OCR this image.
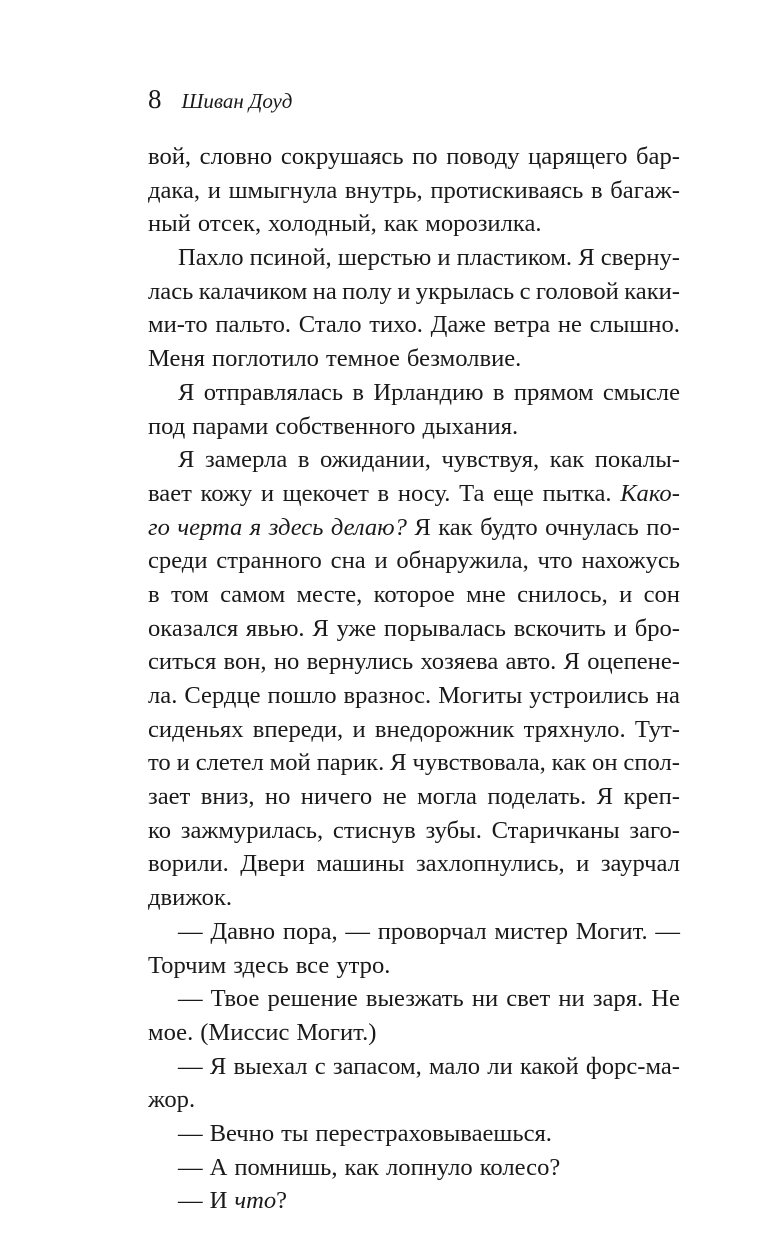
8 Шиван Доуд
вой, словно сокрушаясь по поводу царящего бар-
дака, и шмыгнула внутрь, протискиваясь в багаж-
ный отсек, холодный, как морозилка.
Пахло псиной, шерстью и пластиком. Я сверну-
лась калачиком на полу и укрылась с головой каки-
ми-то пальто. Стало тихо. Даже ветра не слышно.
Меня поглотило темное безмолвие.
Я отправлялась в Ирландию в прямом смысле
под парами собственного дыхания.
Я замерла в ожидании, чувствуя, как покалы-
вает кожу и щекочет в носу. Та еще пытка. Како-
го черта я здесь делаю? Я как будто очнулась по-
среди странного сна и обнаружила, что нахожусь
в том самом месте, которое мне снилось, и сон
оказался явью. Я уже порывалась вскочить и бро-
ситься вон, но вернулись хозяева авто. Я оцепене-
ла. Сердце пошло вразнос. Могиты устроились на
сиденьях впереди, и внедорожник тряхнуло. Тут-
то и слетел мой парик. Я чувствовала, как он спол-
зает вниз, но ничего не могла поделать. Я креп-
ко зажмурилась, стиснув зубы. Старичканы заго-
ворили. Двери машины захлопнулись, и заурчал
движок.
— Давно пора, — проворчал мистер Могит. —
Торчим здесь все утро.
— Твое решение выезжать ни свет ни заря. Не
мое. (Миссис Могит.)
— Я выехал с запасом, мало ли какой форс-ма-
жор.
— Вечно ты перестраховываешься.
— А помнишь, как лопнуло колесо?
— И что?
